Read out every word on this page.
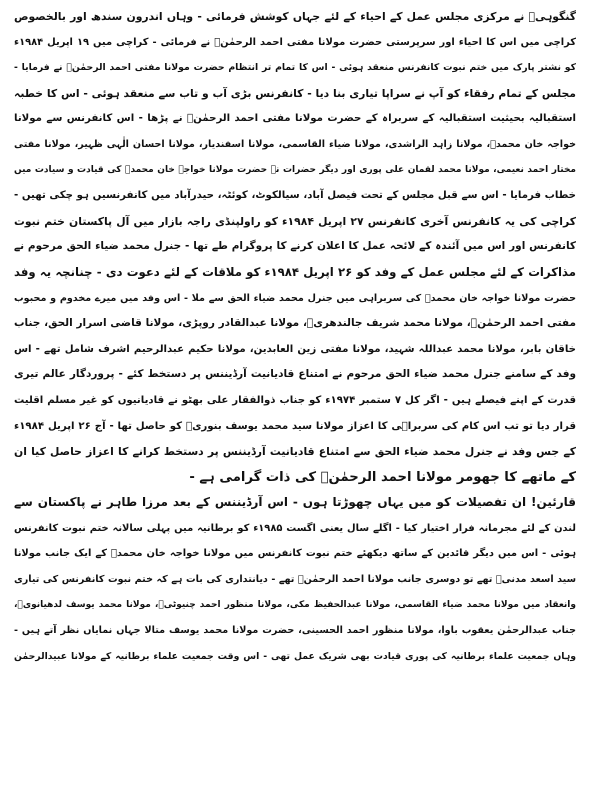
گنگوہیؒ نے مرکزی مجلس عمل کے احیاء کے لئے جہاں کوشش فرمائی - وہاں اندرون سندھ اور بالخصوص
کراچی میں اس کا احیاء اور سرپرستی حضرت مولانا مفتی احمد الرحمٰنؒ نے فرمائی - کراچی میں ۱۹ اپریل ۱۹۸۴ء
کو نشتر پارک میں ختم نبوت کانفرنس منعقد ہوئی - اس کا تمام تر انتظام حضرت مولانا مفتی احمد الرحمٰنؒ نے فرمایا -
مجلس کے تمام رفقاء کو آپ نے سراپا تیاری بنا دیا - کانفرنس بڑی آب و تاب سے منعقد ہوئی - اس کا خطبہ
استقبالیہ بحیثیت استقبالیہ کے سربراہ کے حضرت مولانا مفتی احمد الرحمٰنؒ نے پڑھا - اس کانفرنس سے مولانا
خواجہ خان محمدؒ، مولانا زاہد الراشدی، مولانا ضیاء القاسمی، مولانا اسفندیار، مولانا احسان الٰہی ظہیر، مولانا مفتی
مختار احمد نعیمی، مولانا محمد لقمان علی پوری اور دیگر حضرات نے حضرت مولانا خواجہ خان محمدؒ کی قیادت و سیادت میں
خطاب فرمایا - اس سے قبل مجلس کے تحت فیصل آباد، سیالکوٹ، کوئٹہ، حیدرآباد میں کانفرنسیں ہو چکی تھیں -
کراچی کی یہ کانفرنس آخری کانفرنس ۲۷ اپریل ۱۹۸۴ء کو راولپنڈی راجہ بازار میں آل پاکستان ختم نبوت
کانفرنس اور اس میں آئندہ کے لائحہ عمل کا اعلان کرنے کا پروگرام طے تھا - جنرل محمد ضیاء الحق مرحوم نے
مذاکرات کے لئے مجلس عمل کے وفد کو ۲۶ اپریل ۱۹۸۴ء کو ملاقات کے لئے دعوت دی - چنانچہ یہ وفد
حضرت مولانا خواجہ خان محمدؒ کی سربراہی میں جنرل محمد ضیاء الحق سے ملا - اس وفد میں میرے مخدوم و محبوب
مفتی احمد الرحمٰنؒ، مولانا محمد شریف جالندھریؒ، مولانا عبدالقادر روپڑی، مولانا قاضی اسرار الحق، جناب
خاقان بابر، مولانا محمد عبداللہ شہید، مولانا مفتی زین العابدین، مولانا حکیم عبدالرحیم اشرف شامل تھے - اس
وفد کے سامنے جنرل محمد ضیاء الحق مرحوم نے امتناع قادیانیت آرڈیننس پر دستخط کئے - پروردگار عالم تیری
قدرت کے اپنے فیصلے ہیں - اگر کل ۷ ستمبر ۱۹۷۴ء کو جناب ذوالفقار علی بھٹو نے قادیانیوں کو غیر مسلم اقلیت
قرار دیا تو تب اس کام کی سربراہی کا اعزاز مولانا سید محمد یوسف بنوریؒ کو حاصل تھا - آج ۲۶ اپریل ۱۹۸۴ء
کے جس وفد نے جنرل محمد ضیاء الحق سے امتناع قادیانیت آرڈیننس پر دستخط کرانے کا اعزاز حاصل کیا ان
کے ماتھے کا جھومر مولانا احمد الرحمٰنؒ کی ذات گرامی ہے -
قارئین! ان تفصیلات کو میں یہاں چھوڑتا ہوں - اس آرڈیننس کے بعد مرزا طاہر نے پاکستان سے
لندن کے لئے مجرمانہ فرار اختیار کیا - اگلے سال یعنی اگست ۱۹۸۵ء کو برطانیہ میں پہلی سالانہ ختم نبوت کانفرنس
ہوئی - اس میں دیگر قائدین کے ساتھ دیکھئے ختم نبوت کانفرنس میں مولانا خواجہ خان محمدؒ کے ایک جانب مولانا
سید اسعد مدنیؒ تھے تو دوسری جانب مولانا احمد الرحمٰنؒ تھے - دیانتداری کی بات ہے کہ ختم نبوت کانفرنس کی تیاری
وانعقاد میں مولانا محمد ضیاء القاسمی، مولانا عبدالحفیظ مکی، مولانا منظور احمد چنیوٹیؒ، مولانا محمد یوسف لدھیانویؒ،
جناب عبدالرحمٰن یعقوب باوا، مولانا منظور احمد الحسینی، حضرت مولانا محمد یوسف متالا جہاں نمایاں نظر آتے ہیں -
وہاں جمعیت علماء برطانیہ کی پوری قیادت بھی شریک عمل تھی - اس وقت جمعیت علماء برطانیہ کے مولانا عبیدالرحمٰن
